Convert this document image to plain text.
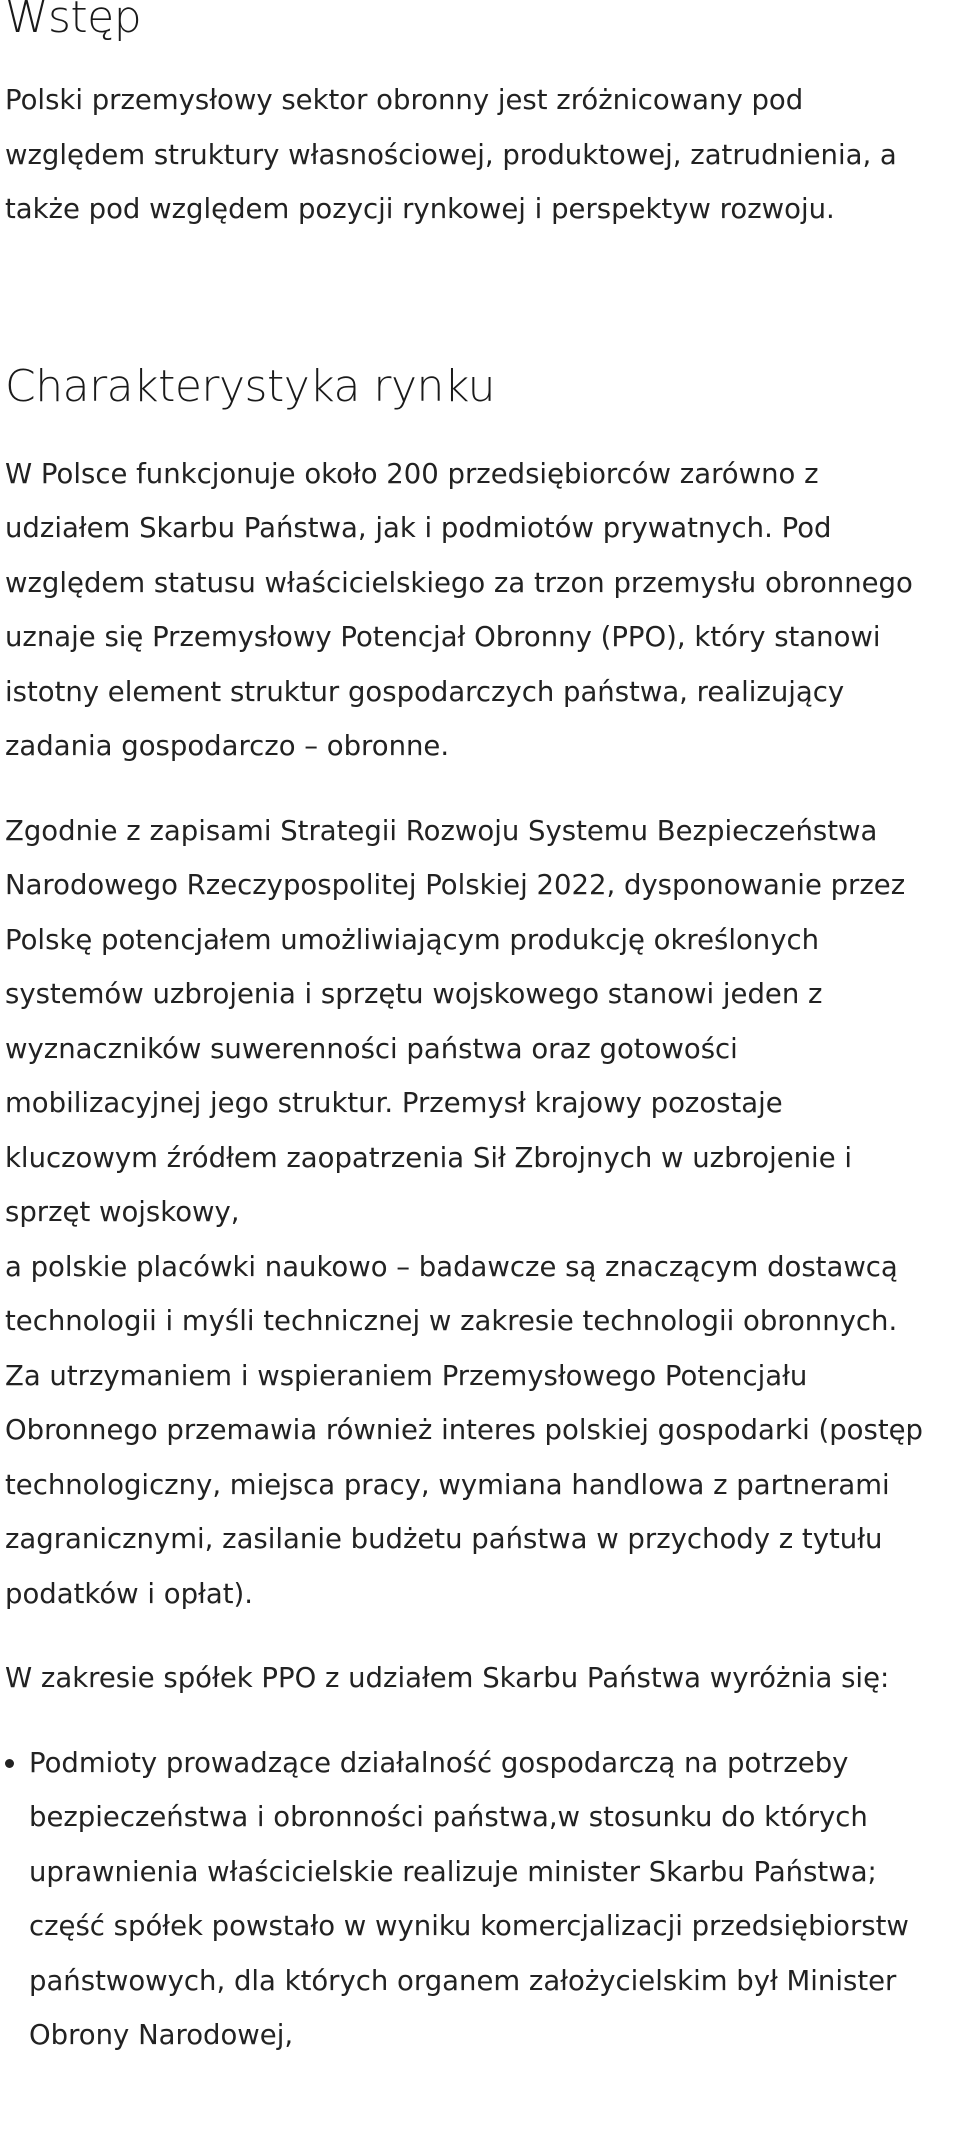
Wstęp

Polski przemysłowy sektor obronny jest zróżnicowany pod względem struktury własnościowej, produktowej, zatrudnienia, a także pod względem pozycji rynkowej i perspektyw rozwoju.

Charakterystyka rynku

W Polsce funkcjonuje około 200 przedsiębiorców zarówno z udziałem Skarbu Państwa, jak i podmiotów prywatnych. Pod względem statusu właścicielskiego za trzon przemysłu obronnego uznaje się Przemysłowy Potencjał Obronny (PPO), który stanowi istotny element struktur gospodarczych państwa, realizujący zadania gospodarczo – obronne.

Zgodnie z zapisami Strategii Rozwoju Systemu Bezpieczeństwa Narodowego Rzeczypospolitej Polskiej 2022, dysponowanie przez Polskę potencjałem umożliwiającym produkcję określonych systemów uzbrojenia i sprzętu wojskowego stanowi jeden z wyznaczników suwerenności państwa oraz gotowości mobilizacyjnej jego struktur. Przemysł krajowy pozostaje kluczowym źródłem zaopatrzenia Sił Zbrojnych w uzbrojenie i sprzęt wojskowy,
a polskie placówki naukowo – badawcze są znaczącym dostawcą technologii i myśli technicznej w zakresie technologii obronnych. Za utrzymaniem i wspieraniem Przemysłowego Potencjału Obronnego przemawia również interes polskiej gospodarki (postęp technologiczny, miejsca pracy, wymiana handlowa z partnerami zagranicznymi, zasilanie budżetu państwa w przychody z tytułu podatków i opłat).

W zakresie spółek PPO z udziałem Skarbu Państwa wyróżnia się:

Podmioty prowadzące działalność gospodarczą na potrzeby bezpieczeństwa i obronności państwa,w stosunku do których uprawnienia właścicielskie realizuje minister Skarbu Państwa; część spółek powstało w wyniku komercjalizacji przedsiębiorstw państwowych, dla których organem założycielskim był Minister Obrony Narodowej,
